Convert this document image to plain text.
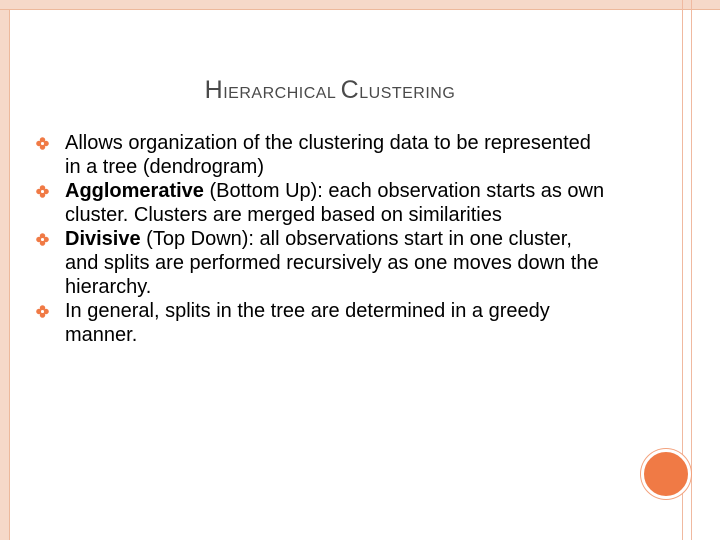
HIERARCHICAL CLUSTERING
Allows organization of the clustering data to be represented in a tree (dendrogram)
Agglomerative (Bottom Up): each observation starts as own cluster. Clusters are merged based on similarities
Divisive (Top Down): all observations start in one cluster, and splits are performed recursively as one moves down the hierarchy.
In general, splits in the tree are determined in a greedy manner.
